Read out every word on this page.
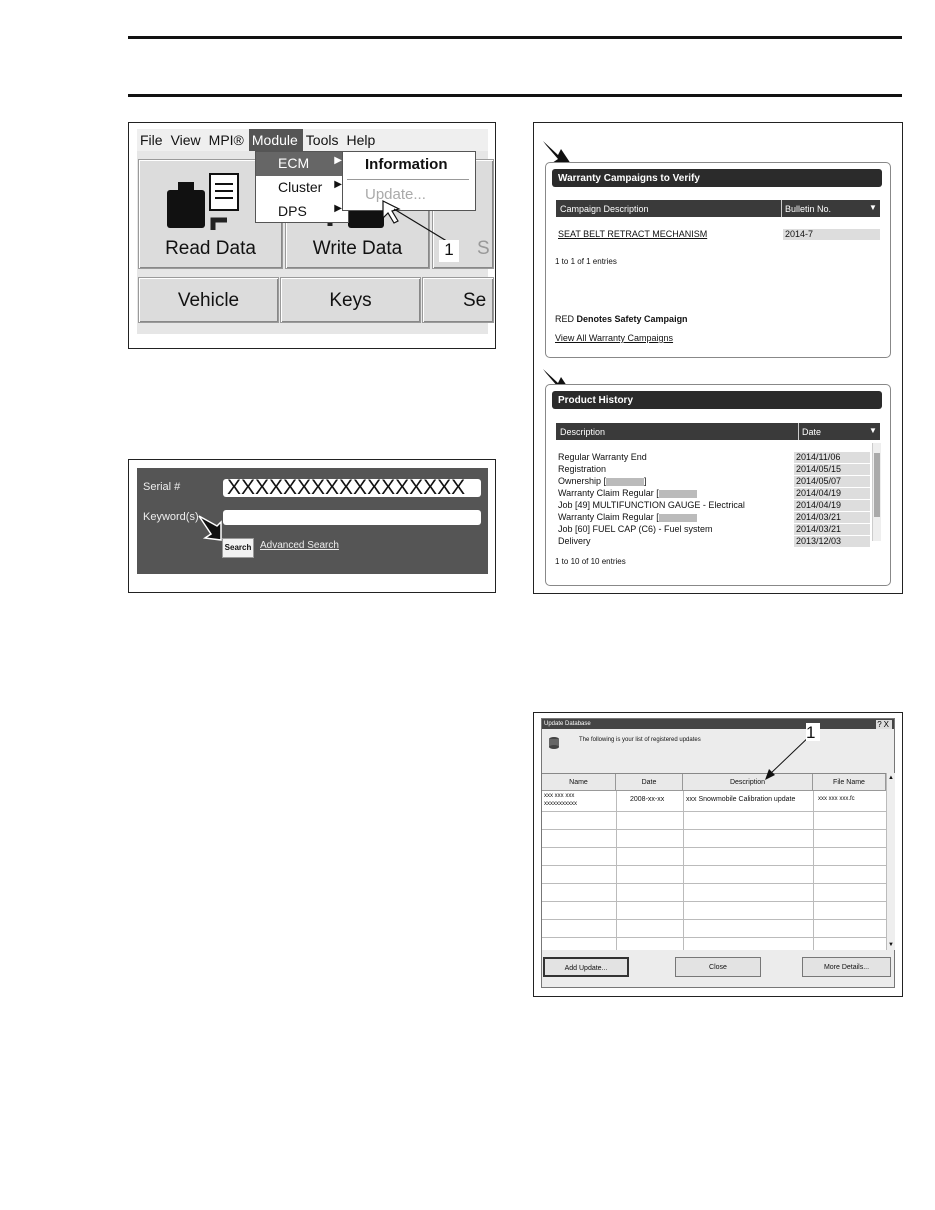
File View MPI® Module Tools Help
Read Data	Write Data	S
Vehicle	Keys	Se
ECM	▶
Cluster ▶
DPS	▶
Information
Update...
1
Serial # XXXXXXXXXXXXXXXXX
Keyword(s)
Search Advanced Search
Warranty Campaigns to Verify
Campaign Description	Bulletin No.	▼
SEAT BELT RETRACT MECHANISM	2014-7
1 to 1 of 1 entries
RED Denotes Safety Campaign
View All Warranty Campaigns
Product History
Description	Date	▼
Regular Warranty End	2014/11/06
Registration	2014/05/15
Ownership [	]	2014/05/07
Warranty Claim Regular [	2014/04/19
Job [49] MULTIFUNCTION GAUGE - Electrical	2014/04/19
Warranty Claim Regular [	2014/03/21
Job [60] FUEL CAP (C6) - Fuel system	2014/03/21
Delivery	2013/12/03
1 to 10 of 10 entries
Update Database	?X
The following is your list of registered updates
Name	Date	Description	File Name
xxx xxx xxx
xxxxxxxxxxx
2008-xx-xx	xxx Snowmobile Calibration update	xxx xxx xxx.fc
▲
▼
Add Update...	Close	More Details...
1
